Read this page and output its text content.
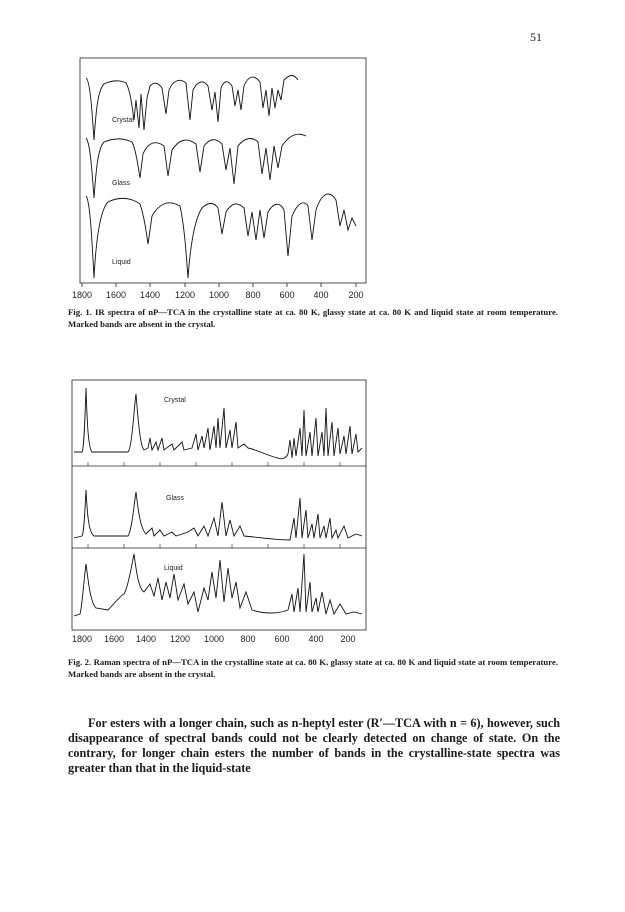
51
Crystal
Glass
Liquid
1800 1600 1400 1200 1000 800 600 400 200
Fig. 1. IR spectra of nP—TCA in the crystalline state at ca. 80 K, glassy state at ca. 80 K and liquid state at room temperature. Marked bands are absent in the crystal.
Crystal
Glass
Liquid
1800 1600 1400 1200 1000 800 600 400 200
Fig. 2. Raman spectra of nP—TCA in the crystalline state at ca. 80 K, glassy state at ca. 80 K and liquid state at room temperature. Marked bands are absent in the crystal.

For esters with a longer chain, such as n-heptyl ester (R′—TCA with n = 6), however, such disappearance of spectral bands could not be clearly detected on change of state. On the contrary, for longer chain esters the number of bands in the crystalline-state spectra was greater than that in the liquid-state
